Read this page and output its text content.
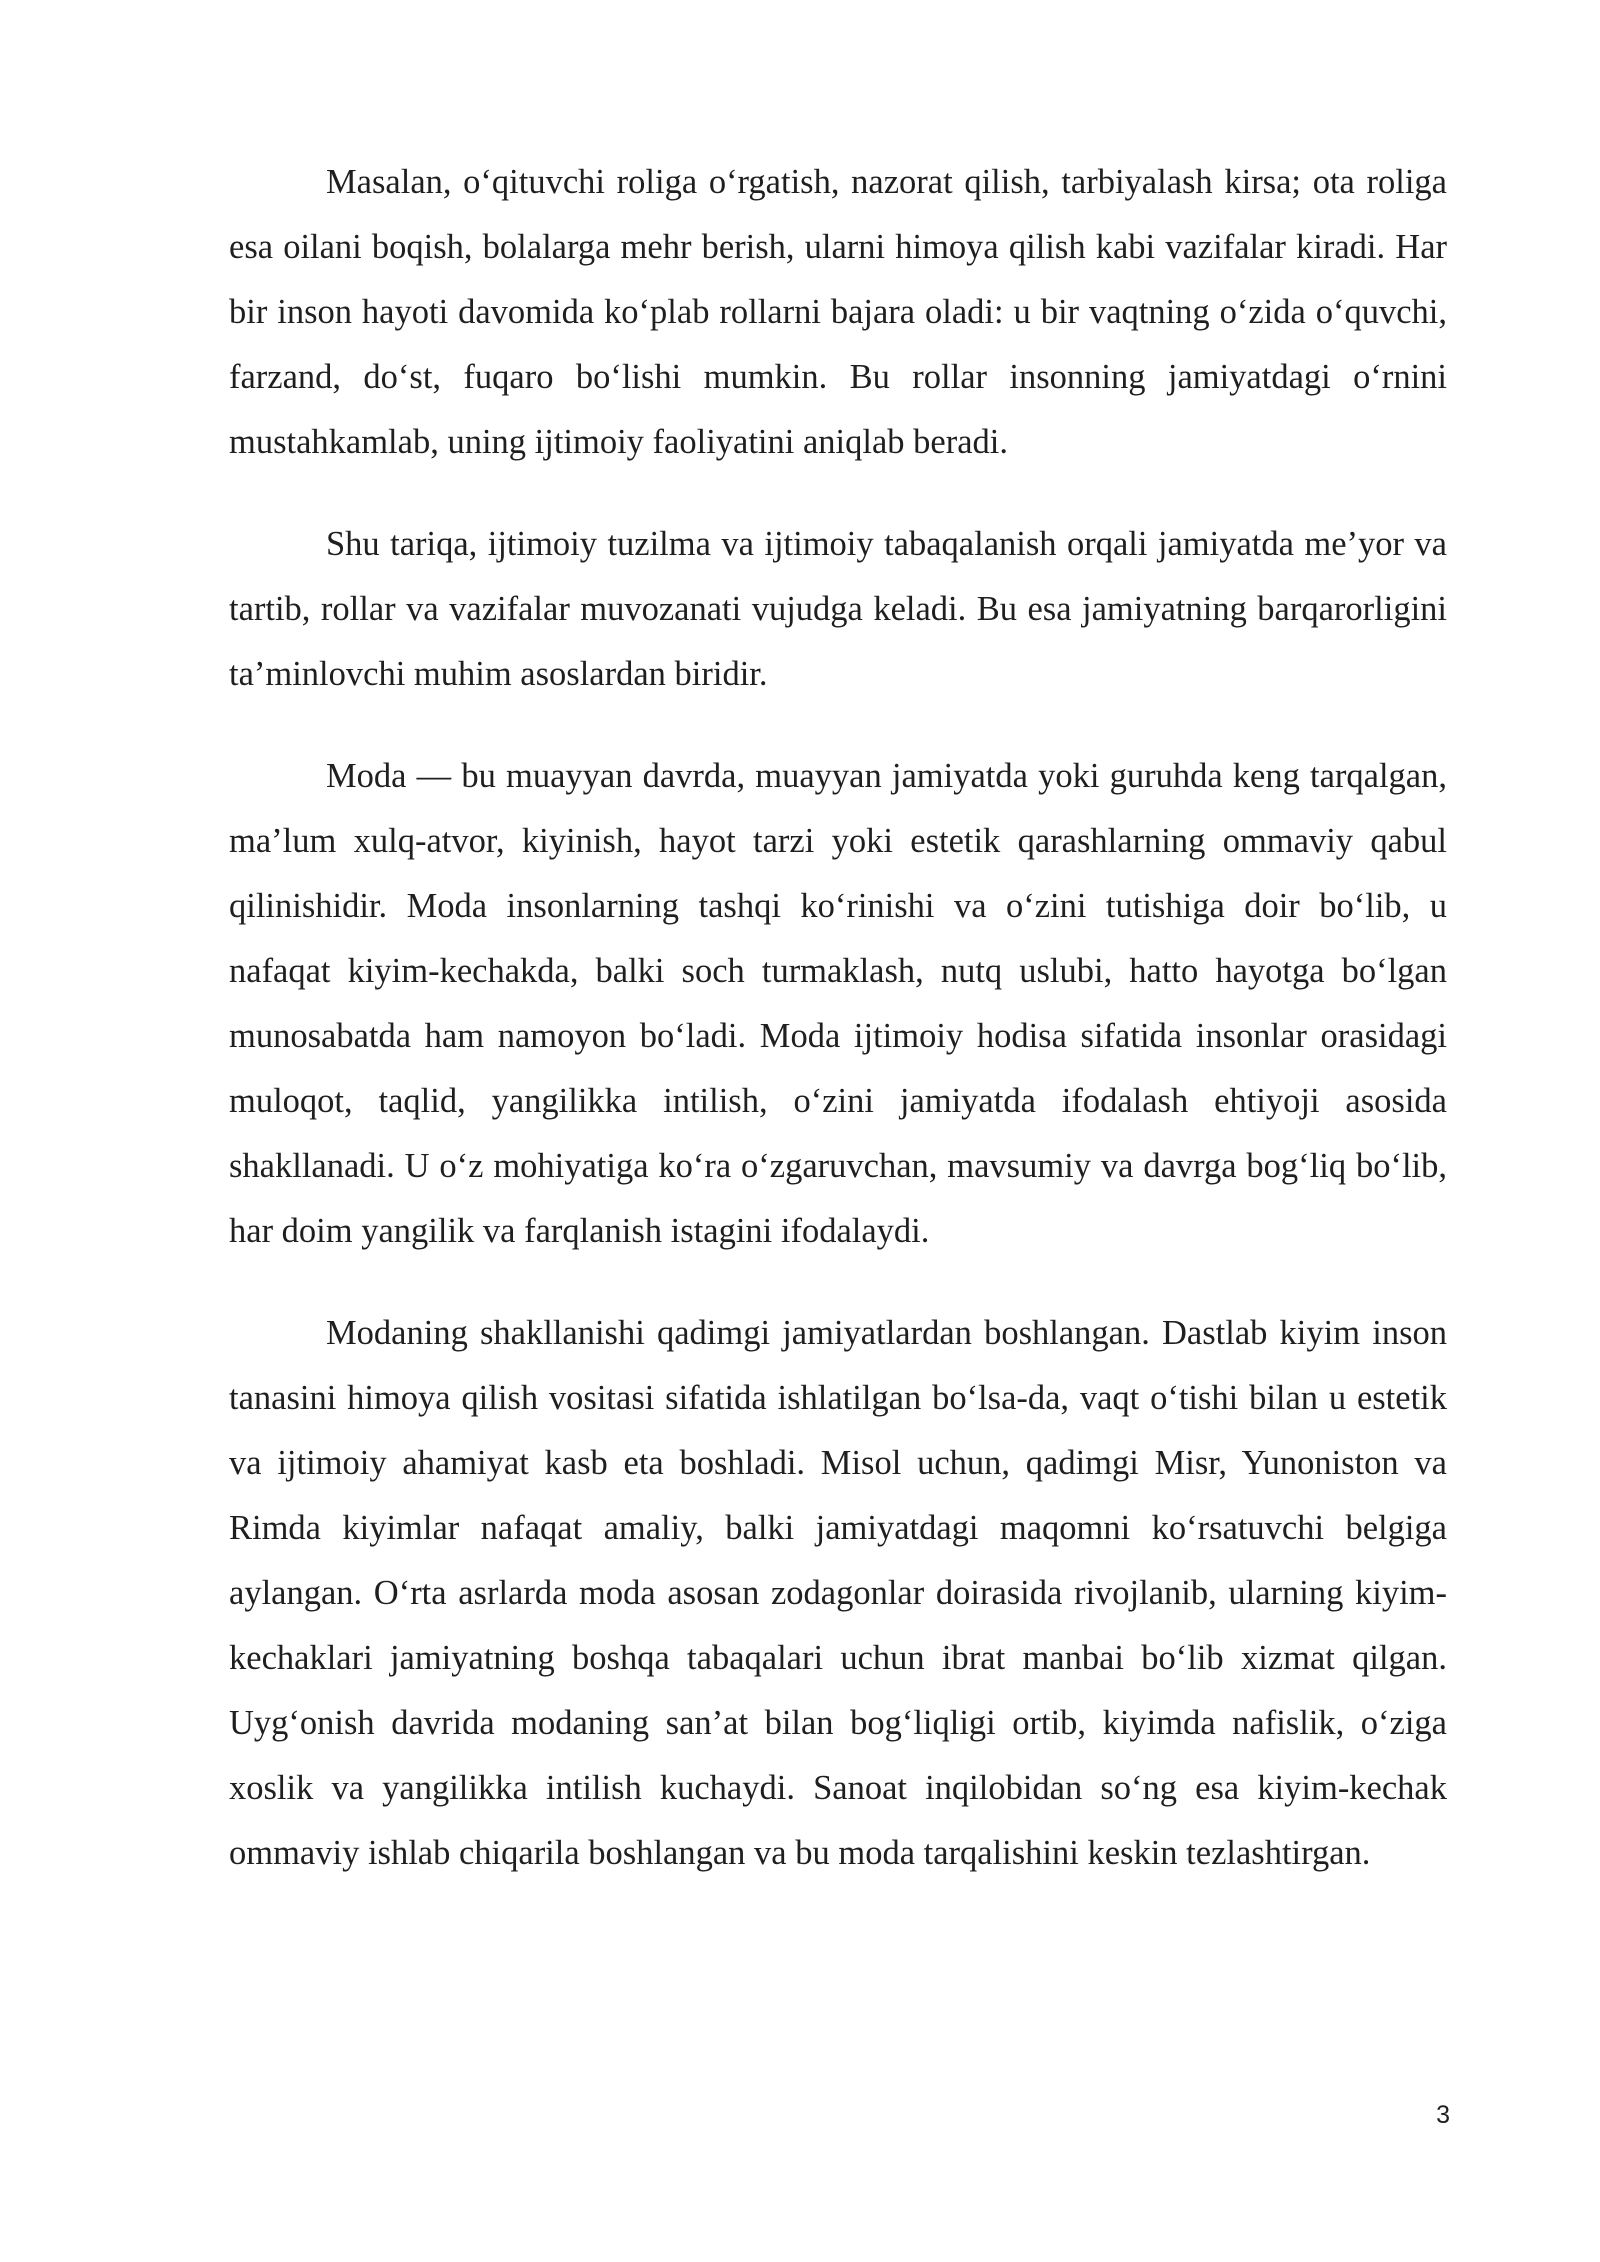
Masalan, o‘qituvchi roliga o‘rgatish, nazorat qilish, tarbiyalash kirsa; ota roliga esa oilani boqish, bolalarga mehr berish, ularni himoya qilish kabi vazifalar kiradi. Har bir inson hayoti davomida ko‘plab rollarni bajara oladi: u bir vaqtning o‘zida o‘quvchi, farzand, do‘st, fuqaro bo‘lishi mumkin. Bu rollar insonning jamiyatdagi o‘rnini mustahkamlab, uning ijtimoiy faoliyatini aniqlab beradi.

Shu tariqa, ijtimoiy tuzilma va ijtimoiy tabaqalanish orqali jamiyatda me’yor va tartib, rollar va vazifalar muvozanati vujudga keladi. Bu esa jamiyatning barqarorligini ta’minlovchi muhim asoslardan biridir.

Moda — bu muayyan davrda, muayyan jamiyatda yoki guruhda keng tarqalgan, ma’lum xulq-atvor, kiyinish, hayot tarzi yoki estetik qarashlarning ommaviy qabul qilinishidir. Moda insonlarning tashqi ko‘rinishi va o‘zini tutishiga doir bo‘lib, u nafaqat kiyim-kechakda, balki soch turmaklash, nutq uslubi, hatto hayotga bo‘lgan munosabatda ham namoyon bo‘ladi. Moda ijtimoiy hodisa sifatida insonlar orasidagi muloqot, taqlid, yangilikka intilish, o‘zini jamiyatda ifodalash ehtiyoji asosida shakllanadi. U o‘z mohiyatiga ko‘ra o‘zgaruvchan, mavsumiy va davrga bog‘liq bo‘lib, har doim yangilik va farqlanish istagini ifodalaydi.

Modaning shakllanishi qadimgi jamiyatlardan boshlangan. Dastlab kiyim inson tanasini himoya qilish vositasi sifatida ishlatilgan bo‘lsa-da, vaqt o‘tishi bilan u estetik va ijtimoiy ahamiyat kasb eta boshladi. Misol uchun, qadimgi Misr, Yunoniston va Rimda kiyimlar nafaqat amaliy, balki jamiyatdagi maqomni ko‘rsatuvchi belgiga aylangan. O‘rta asrlarda moda asosan zodagonlar doirasida rivojlanib, ularning kiyim-kechaklari jamiyatning boshqa tabaqalari uchun ibrat manbai bo‘lib xizmat qilgan. Uyg‘onish davrida modaning san’at bilan bog‘liqligi ortib, kiyimda nafislik, o‘ziga xoslik va yangilikka intilish kuchaydi. Sanoat inqilobidan so‘ng esa kiyim-kechak ommaviy ishlab chiqarila boshlangan va bu moda tarqalishini keskin tezlashtirgan.

3
